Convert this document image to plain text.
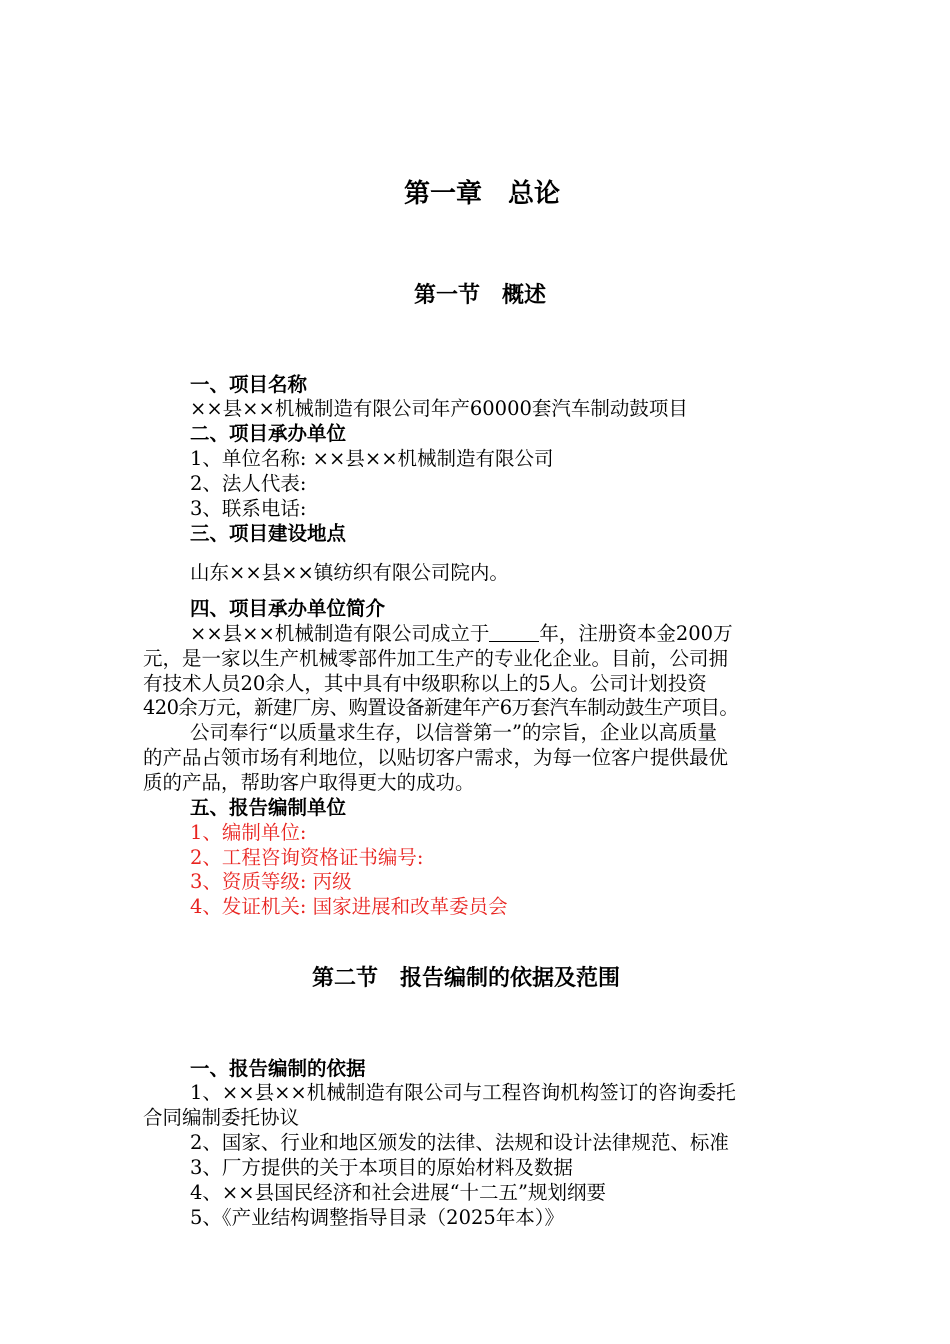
第一章　总论
第一节　概述
一、项目名称
××县××机械制造有限公司年产60000套汽车制动鼓项目
二、项目承办单位
1、单位名称: ××县××机械制造有限公司
2、法人代表:
3、联系电话:
三、项目建设地点
山东××县××镇纺织有限公司院内。
四、项目承办单位简介
××县××机械制造有限公司成立于	年，注册资本金200万
元，是一家以生产机械零部件加工生产的专业化企业。目前，公司拥
有技术人员20余人，其中具有中级职称以上的5人。公司计划投资
420余万元，新建厂房、购置设备新建年产6万套汽车制动鼓生产项目。
公司奉行“以质量求生存，以信誉第一”的宗旨，企业以高质量
的产品占领市场有利地位，以贴切客户需求，为每一位客户提供最优
质的产品，帮助客户取得更大的成功。
五、报告编制单位
1、编制单位:
2、工程咨询资格证书编号:
3、资质等级: 丙级
4、发证机关: 国家进展和改革委员会
第二节　报告编制的依据及范围
一、报告编制的依据
1、××县××机械制造有限公司与工程咨询机构签订的咨询委托
合同编制委托协议
2、国家、行业和地区颁发的法律、法规和设计法律规范、标准
3、厂方提供的关于本项目的原始材料及数据
4、××县国民经济和社会进展“十二五”规划纲要
5、《产业结构调整指导目录（2025年本）》
